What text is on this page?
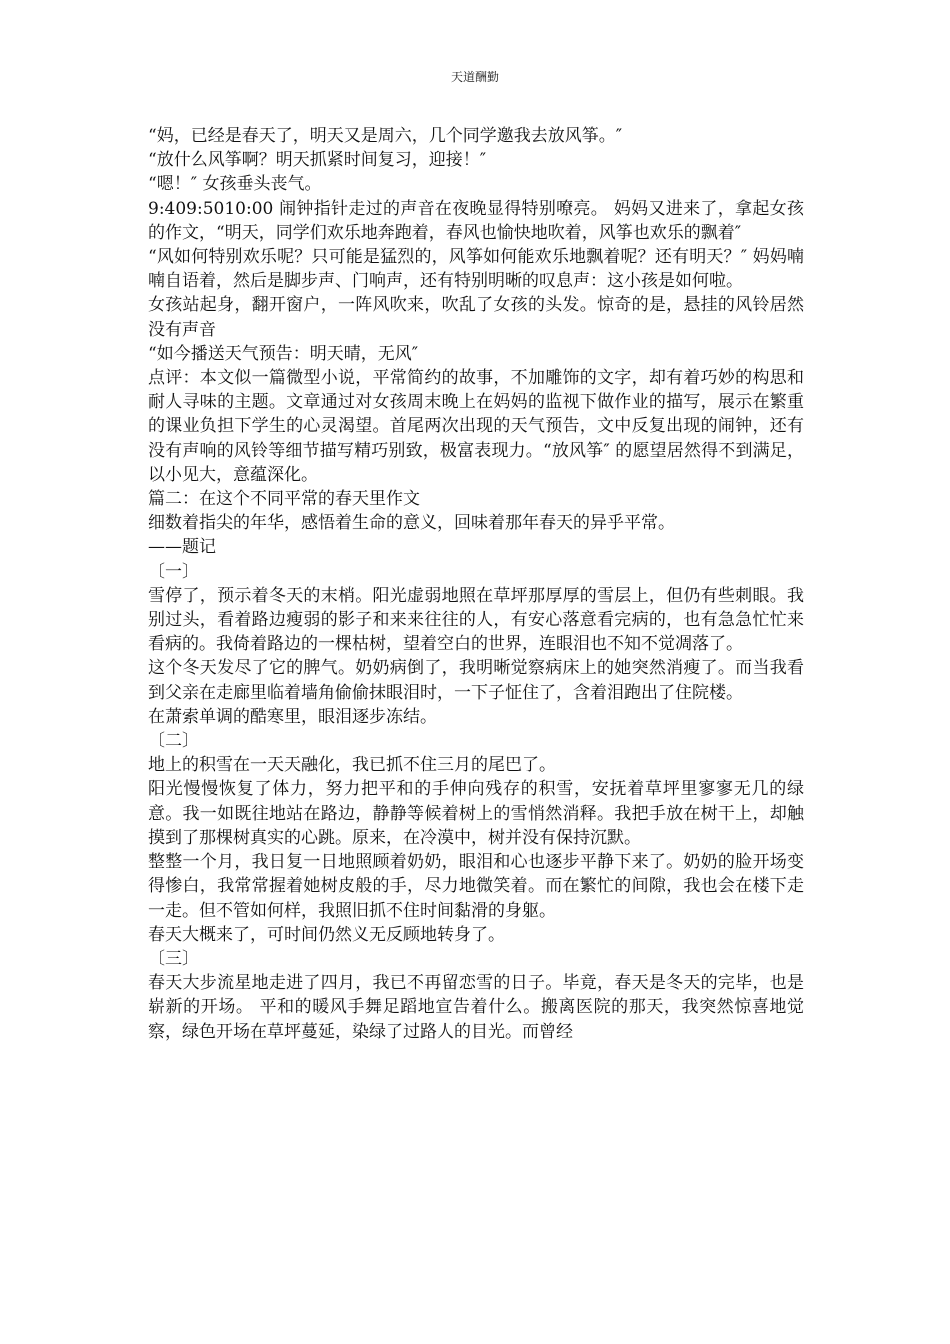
天道酬勤

“妈，已经是春天了，明天又是周六，几个同学邀我去放风筝。″

“放什么风筝啊？明天抓紧时间复习，迎接！″

“嗯！″ 女孩垂头丧气。

9:409:5010:00 闹钟指针走过的声音在夜晚显得特别嘹亮。 妈妈又进来了，拿起女孩的作文，“明天，同学们欢乐地奔跑着，春风也愉快地吹着，风筝也欢乐的飘着″

“风如何特别欢乐呢？只可能是猛烈的，风筝如何能欢乐地飘着呢？还有明天？″ 妈妈喃喃自语着，然后是脚步声、门响声，还有特别明晰的叹息声：这小孩是如何啦。

女孩站起身，翻开窗户，一阵风吹来，吹乱了女孩的头发。惊奇的是，悬挂的风铃居然没有声音

“如今播送天气预告：明天晴，无风″

点评：本文似一篇微型小说，平常简约的故事，不加雕饰的文字，却有着巧妙的构思和耐人寻味的主题。文章通过对女孩周末晚上在妈妈的监视下做作业的描写，展示在繁重的课业负担下学生的心灵渴望。首尾两次出现的天气预告，文中反复出现的闹钟，还有没有声响的风铃等细节描写精巧别致，极富表现力。“放风筝″ 的愿望居然得不到满足，以小见大，意蕴深化。

篇二：在这个不同平常的春天里作文

细数着指尖的年华，感悟着生命的意义，回味着那年春天的异乎平常。

——题记

〔一〕

雪停了，预示着冬天的末梢。阳光虚弱地照在草坪那厚厚的雪层上，但仍有些刺眼。我别过头，看着路边瘦弱的影子和来来往往的人，有安心落意看完病的，也有急急忙忙来看病的。我倚着路边的一棵枯树，望着空白的世界，连眼泪也不知不觉凋落了。

这个冬天发尽了它的脾气。奶奶病倒了，我明晰觉察病床上的她突然消瘦了。而当我看到父亲在走廊里临着墙角偷偷抹眼泪时，一下子怔住了，含着泪跑出了住院楼。

在萧索单调的酷寒里，眼泪逐步冻结。

〔二〕

地上的积雪在一天天融化，我已抓不住三月的尾巴了。

阳光慢慢恢复了体力，努力把平和的手伸向残存的积雪，安抚着草坪里寥寥无几的绿意。我一如既往地站在路边，静静等候着树上的雪悄然消释。我把手放在树干上，却触摸到了那棵树真实的心跳。原来，在冷漠中，树并没有保持沉默。

整整一个月，我日复一日地照顾着奶奶，眼泪和心也逐步平静下来了。奶奶的脸开场变得惨白，我常常握着她树皮般的手，尽力地微笑着。而在繁忙的间隙，我也会在楼下走一走。但不管如何样，我照旧抓不住时间黏滑的身躯。

春天大概来了，可时间仍然义无反顾地转身了。

〔三〕

春天大步流星地走进了四月，我已不再留恋雪的日子。毕竟，春天是冬天的完毕，也是崭新的开场。 平和的暖风手舞足蹈地宣告着什么。搬离医院的那天，我突然惊喜地觉察，绿色开场在草坪蔓延，染绿了过路人的目光。而曾经
